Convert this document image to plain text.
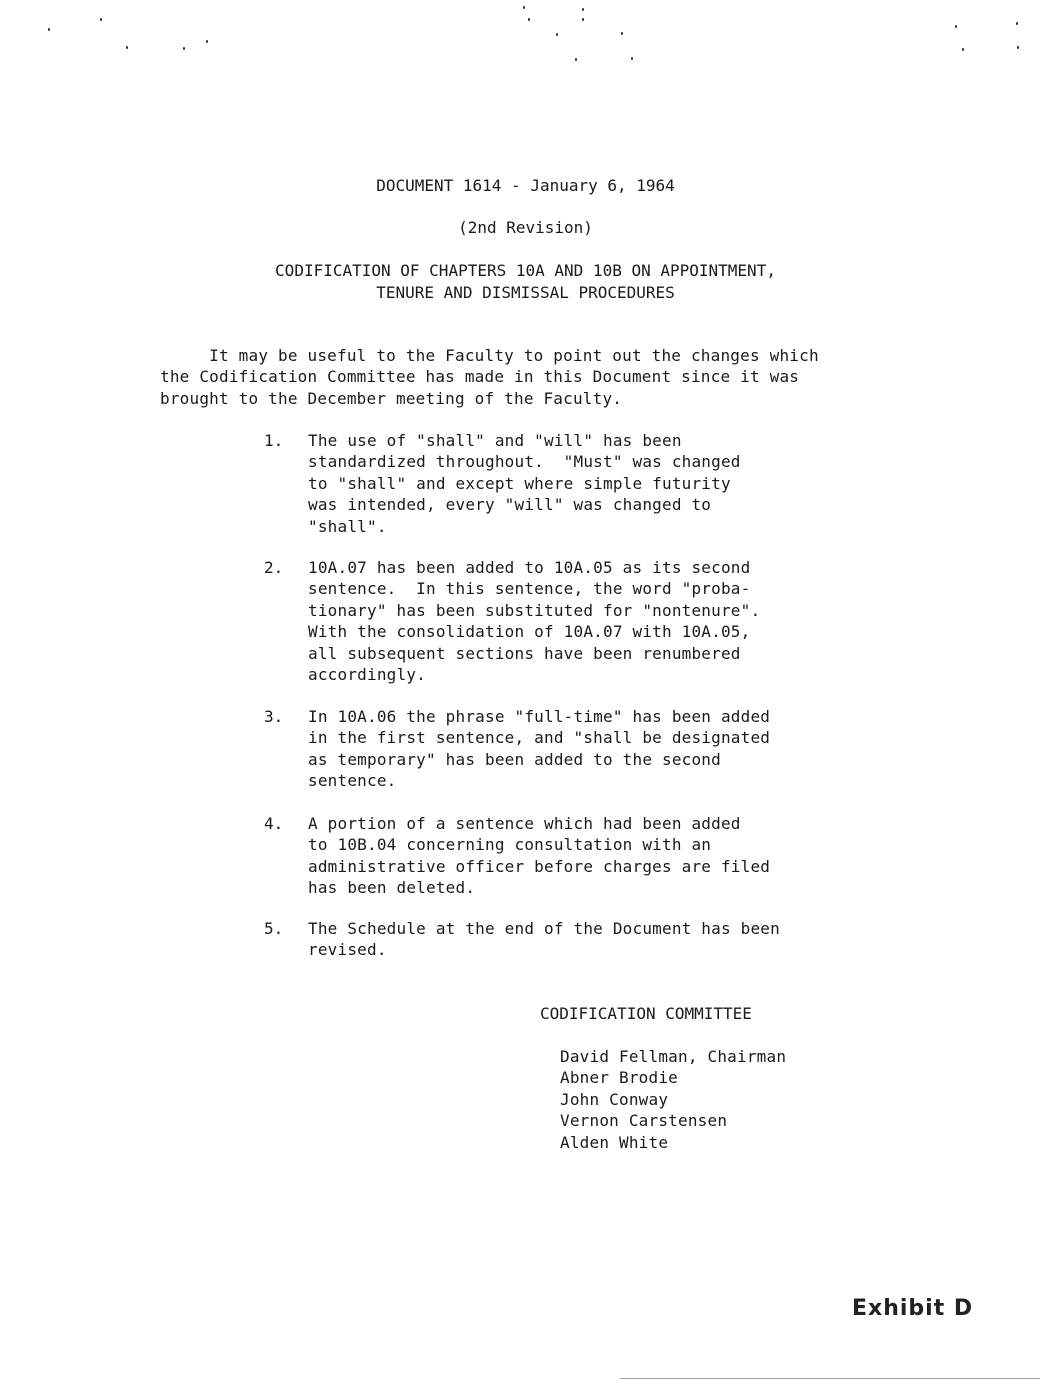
DOCUMENT 1614 - January 6, 1964
(2nd Revision)
CODIFICATION OF CHAPTERS 10A AND 10B ON APPOINTMENT,
TENURE AND DISMISSAL PROCEDURES
It may be useful to the Faculty to point out the changes which
the Codification Committee has made in this Document since it was
brought to the December meeting of the Faculty.
1. The use of "shall" and "will" has been
standardized throughout.  "Must" was changed
to "shall" and except where simple futurity
was intended, every "will" was changed to
"shall".
2. 10A.07 has been added to 10A.05 as its second
sentence.  In this sentence, the word "proba-
tionary" has been substituted for "nontenure".
With the consolidation of 10A.07 with 10A.05,
all subsequent sections have been renumbered
accordingly.
3. In 10A.06 the phrase "full-time" has been added
in the first sentence, and "shall be designated
as temporary" has been added to the second
sentence.
4. A portion of a sentence which had been added
to 10B.04 concerning consultation with an
administrative officer before charges are filed
has been deleted.
5. The Schedule at the end of the Document has been
revised.
CODIFICATION COMMITTEE
David Fellman, Chairman
Abner Brodie
John Conway
Vernon Carstensen
Alden White
Exhibit D
